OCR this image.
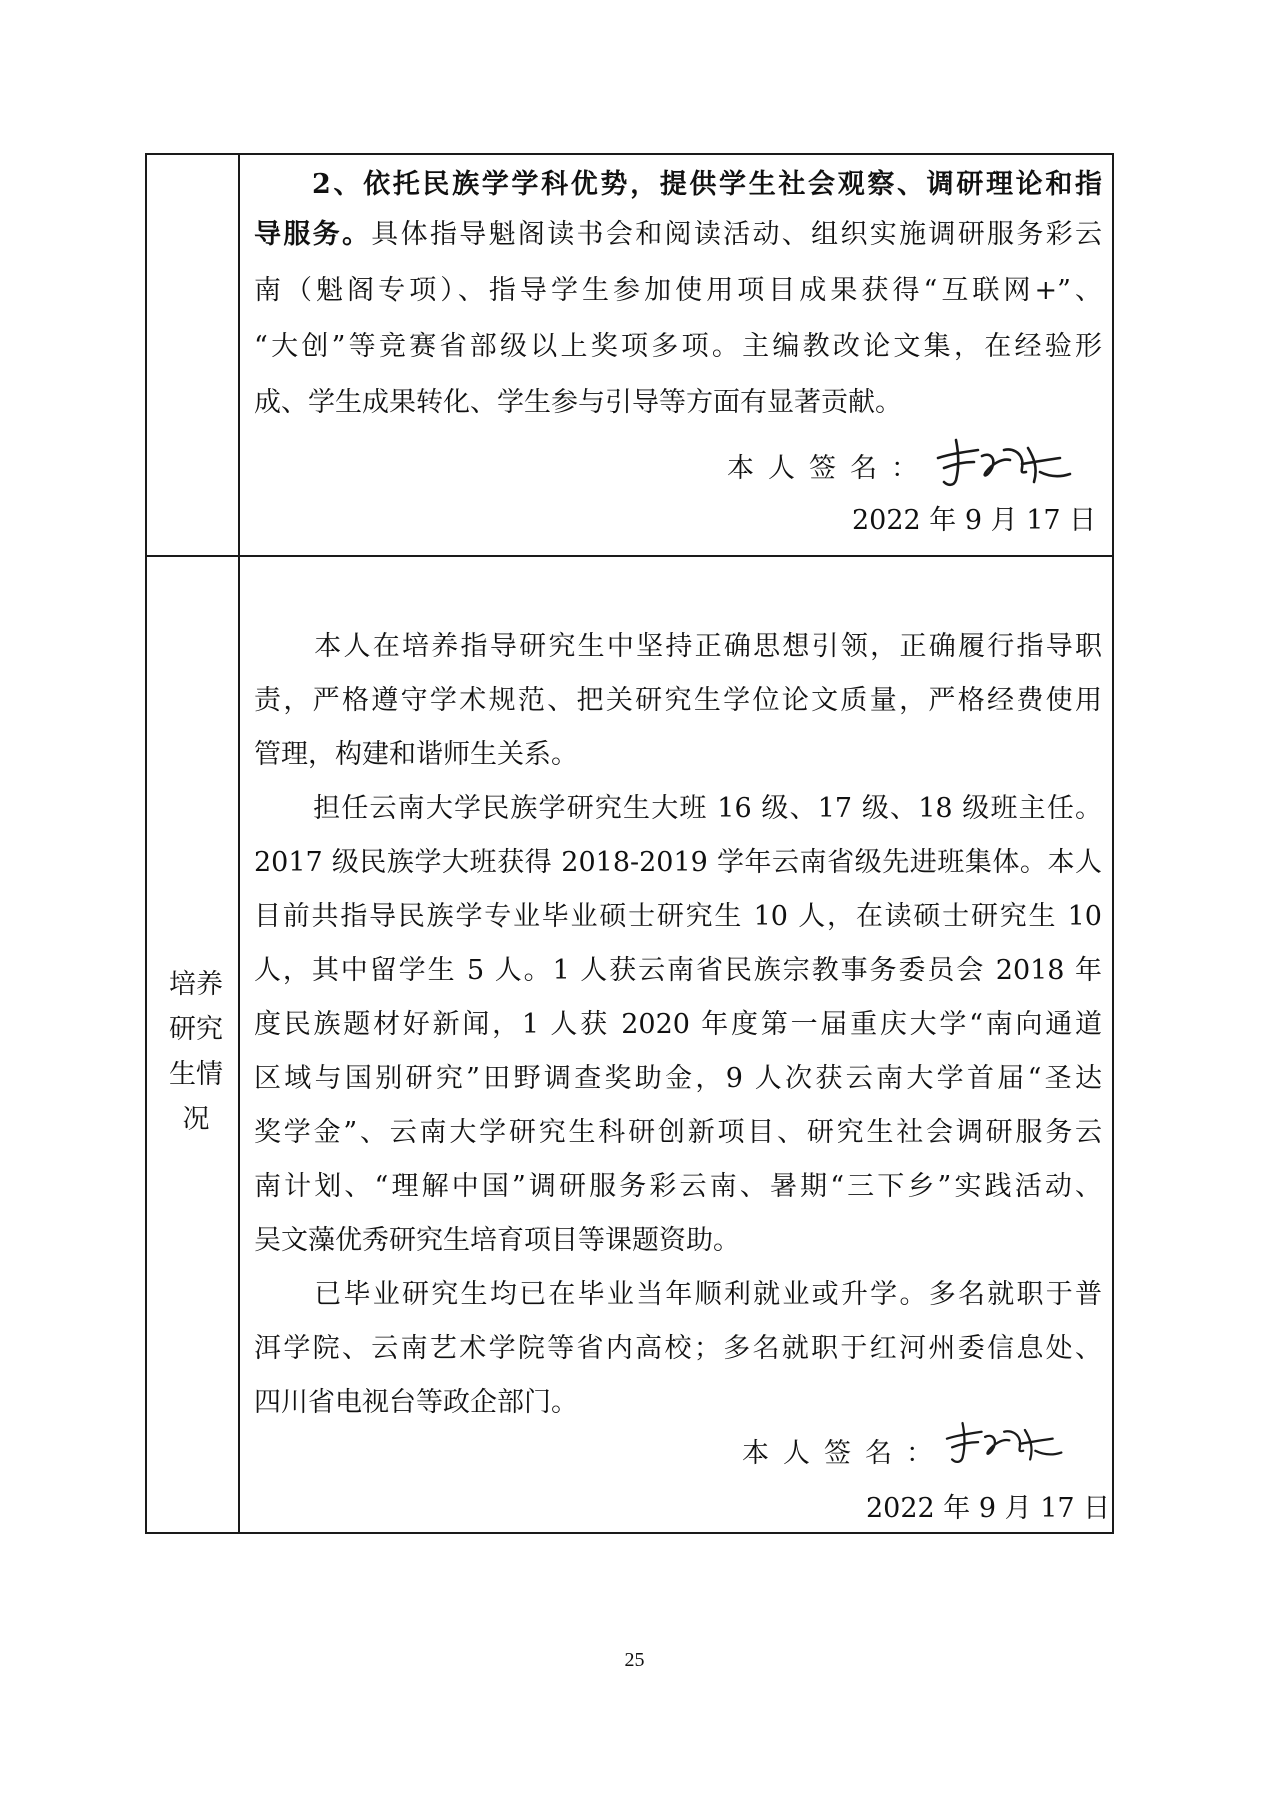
2、依托民族学学科优势，提供学生社会观察、调研理论和指
导服务。具体指导魁阁读书会和阅读活动、组织实施调研服务彩云
南（魁阁专项）、指导学生参加使用项目成果获得“互联网+”、
“大创”等竞赛省部级以上奖项多项。主编教改论文集，在经验形
成、学生成果转化、学生参与引导等方面有显著贡献。
本人签名：
2022 年 9 月 17 日
培养
研究
生情
况
本人在培养指导研究生中坚持正确思想引领，正确履行指导职
责，严格遵守学术规范、把关研究生学位论文质量，严格经费使用
管理，构建和谐师生关系。
担任云南大学民族学研究生大班 16 级、17 级、18 级班主任。
2017 级民族学大班获得 2018-2019 学年云南省级先进班集体。本人
目前共指导民族学专业毕业硕士研究生 10 人，在读硕士研究生 10
人，其中留学生 5 人。1 人获云南省民族宗教事务委员会 2018 年
度民族题材好新闻，1 人获 2020 年度第一届重庆大学“南向通道
区域与国别研究”田野调查奖助金，9 人次获云南大学首届“圣达
奖学金”、云南大学研究生科研创新项目、研究生社会调研服务云
南计划、“理解中国”调研服务彩云南、暑期“三下乡”实践活动、
吴文藻优秀研究生培育项目等课题资助。
已毕业研究生均已在毕业当年顺利就业或升学。多名就职于普
洱学院、云南艺术学院等省内高校；多名就职于红河州委信息处、
四川省电视台等政企部门。
本人签名：
2022 年 9 月 17 日
25
